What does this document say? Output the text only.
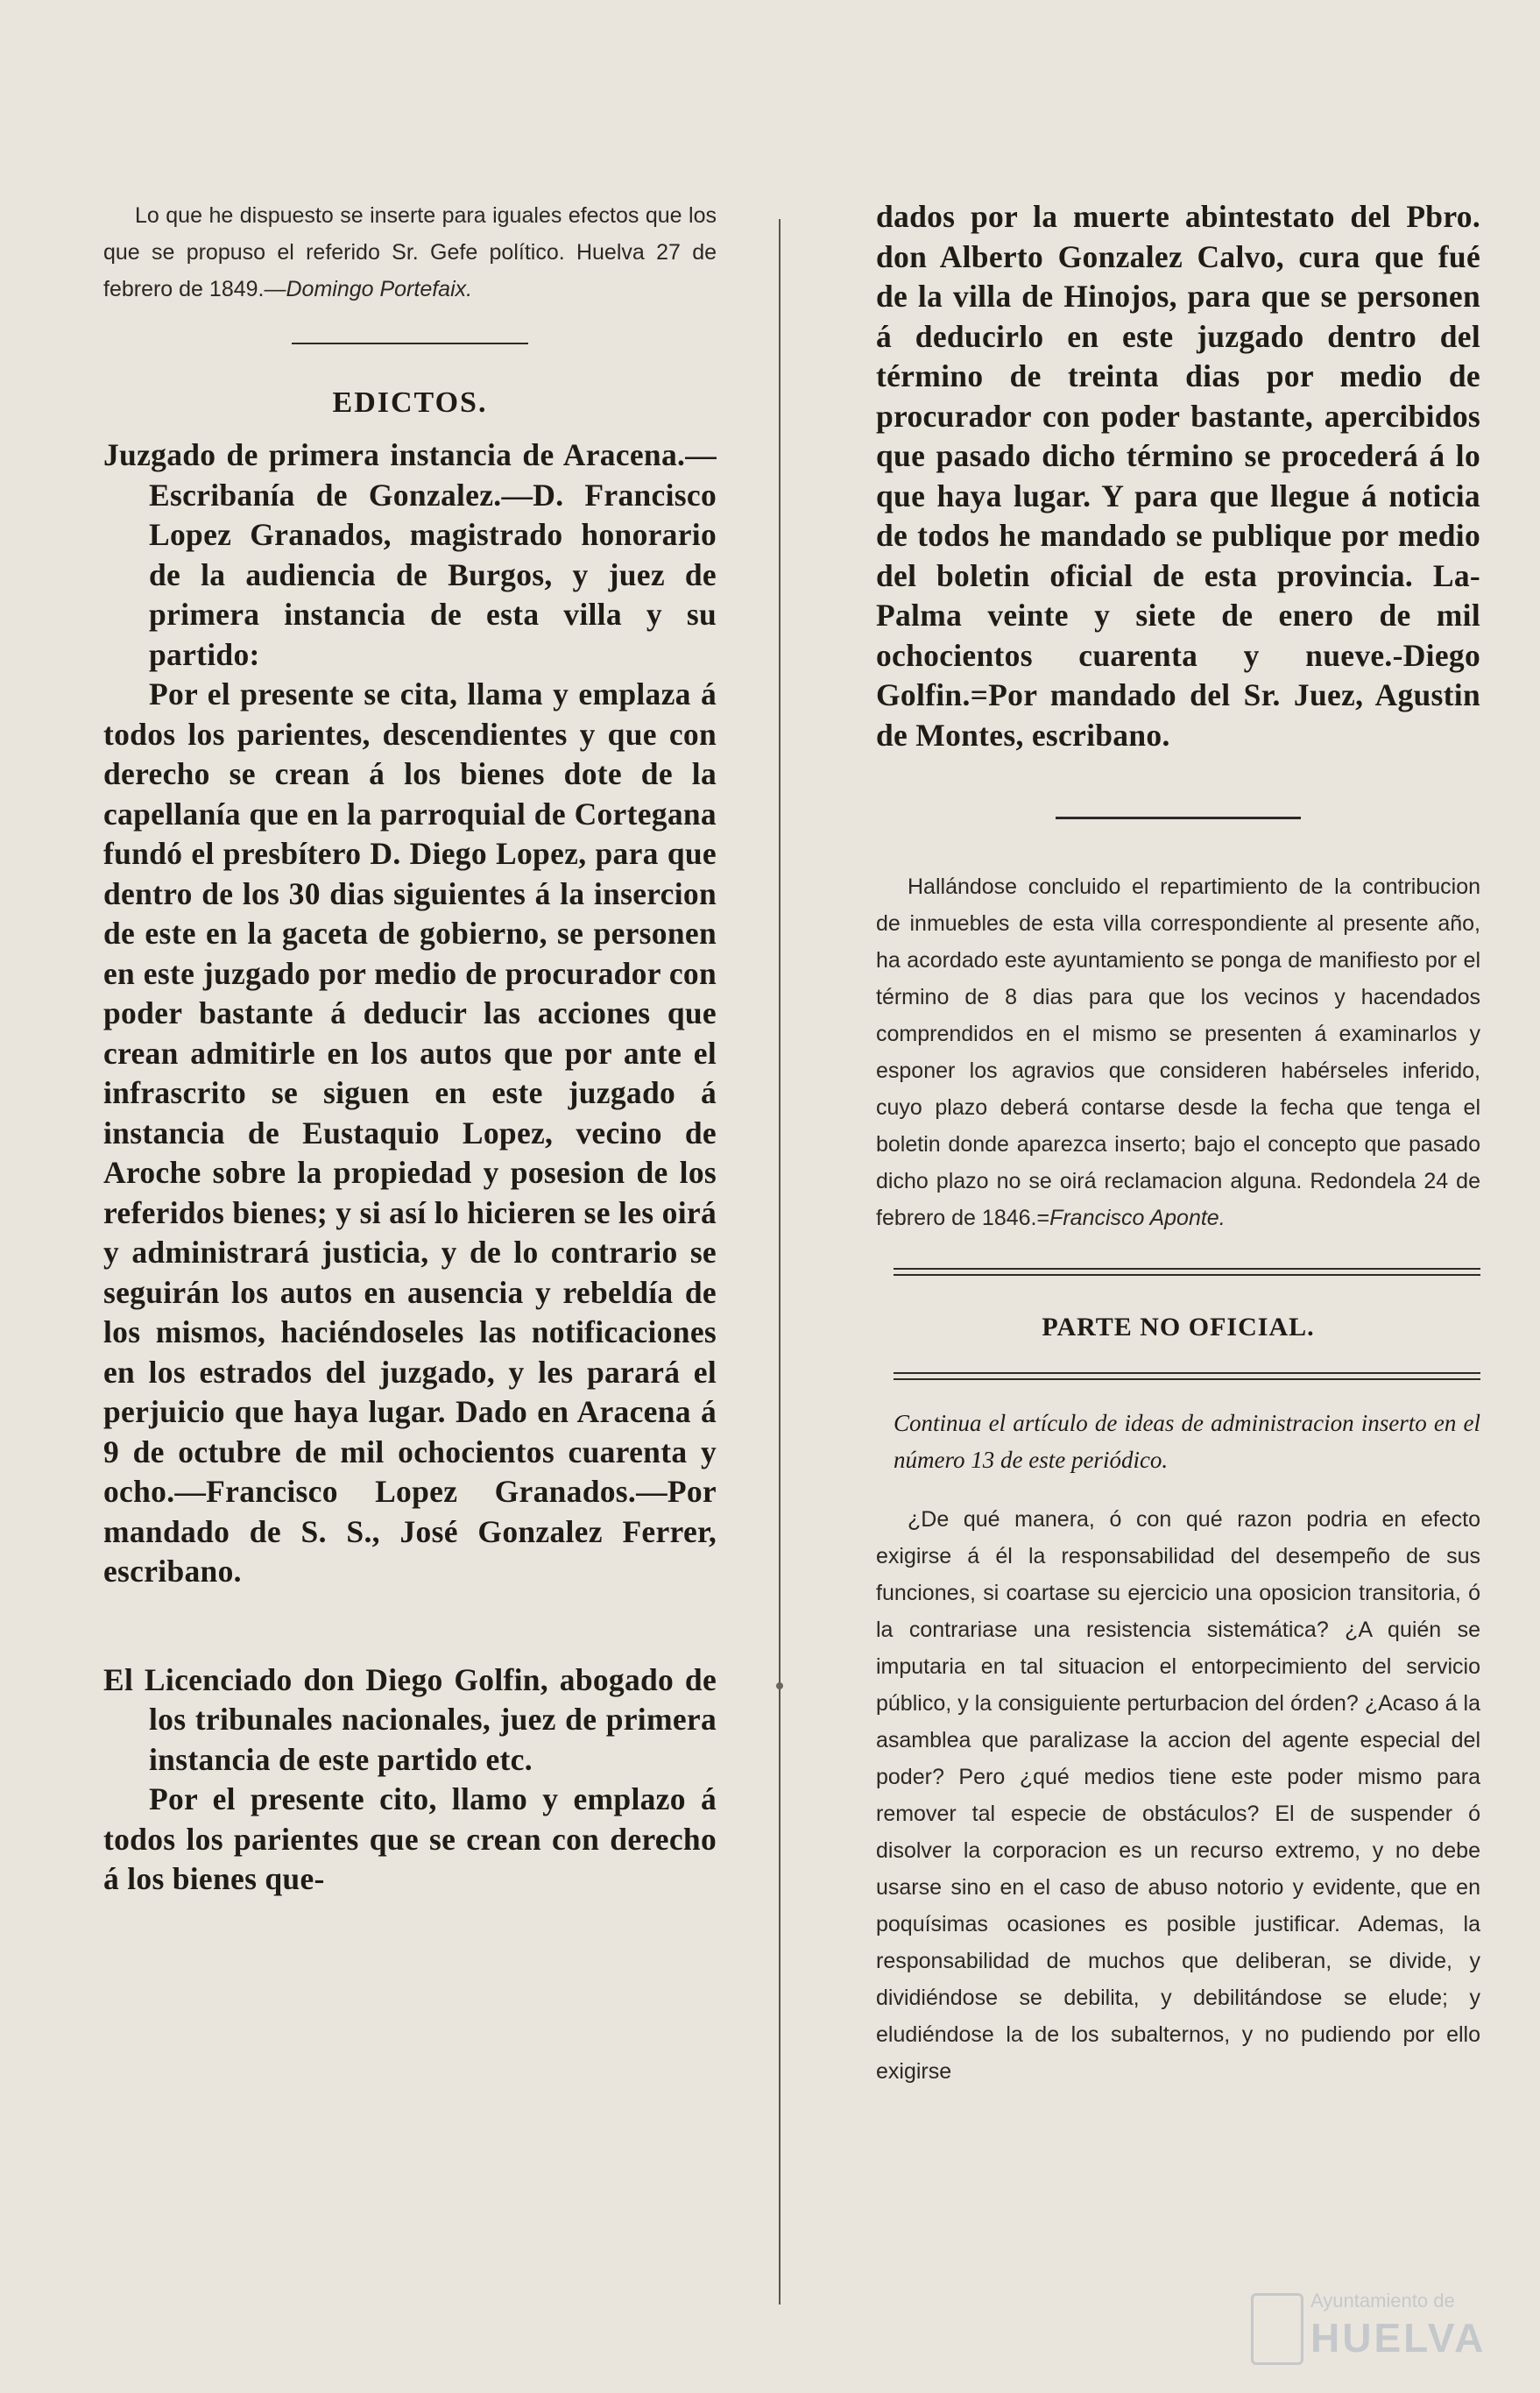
Lo que he dispuesto se inserte para iguales efectos que los que se propuso el referido Sr. Gefe político. Huelva 27 de febrero de 1849.—Domingo Portefaix.

EDICTOS.

Juzgado de primera instancia de Aracena.—Escribanía de Gonzalez.—D. Francisco Lopez Granados, magistrado honorario de la audiencia de Burgos, y juez de primera instancia de esta villa y su partido:

Por el presente se cita, llama y emplaza á todos los parientes, descendientes y que con derecho se crean á los bienes dote de la capellanía que en la parroquial de Cortegana fundó el presbítero D. Diego Lopez, para que dentro de los 30 dias siguientes á la insercion de este en la gaceta de gobierno, se personen en este juzgado por medio de procurador con poder bastante á deducir las acciones que crean admitirle en los autos que por ante el infrascrito se siguen en este juzgado á instancia de Eustaquio Lopez, vecino de Aroche sobre la propiedad y posesion de los referidos bienes; y si así lo hicieren se les oirá y administrará justicia, y de lo contrario se seguirán los autos en ausencia y rebeldía de los mismos, haciéndoseles las notificaciones en los estrados del juzgado, y les parará el perjuicio que haya lugar. Dado en Aracena á 9 de octubre de mil ochocientos cuarenta y ocho.—Francisco Lopez Granados.—Por mandado de S. S., José Gonzalez Ferrer, escribano.

El Licenciado don Diego Golfin, abogado de los tribunales nacionales, juez de primera instancia de este partido etc.

Por el presente cito, llamo y emplazo á todos los parientes que se crean con derecho á los bienes que-

dados por la muerte abintestato del Pbro. don Alberto Gonzalez Calvo, cura que fué de la villa de Hinojos, para que se personen á deducirlo en este juzgado dentro del término de treinta dias por medio de procurador con poder bastante, apercibidos que pasado dicho término se procederá á lo que haya lugar. Y para que llegue á noticia de todos he mandado se publique por medio del boletin oficial de esta provincia. La-Palma veinte y siete de enero de mil ochocientos cuarenta y nueve.-Diego Golfin.=Por mandado del Sr. Juez, Agustin de Montes, escribano.

Hallándose concluido el repartimiento de la contribucion de inmuebles de esta villa correspondiente al presente año, ha acordado este ayuntamiento se ponga de manifiesto por el término de 8 dias para que los vecinos y hacendados comprendidos en el mismo se presenten á examinarlos y esponer los agravios que consideren habérseles inferido, cuyo plazo deberá contarse desde la fecha que tenga el boletin donde aparezca inserto; bajo el concepto que pasado dicho plazo no se oirá reclamacion alguna. Redondela 24 de febrero de 1846.=Francisco Aponte.

PARTE NO OFICIAL.

Continua el artículo de ideas de administracion inserto en el número 13 de este periódico.

¿De qué manera, ó con qué razon podria en efecto exigirse á él la responsabilidad del desempeño de sus funciones, si coartase su ejercicio una oposicion transitoria, ó la contrariase una resistencia sistemática? ¿A quién se imputaria en tal situacion el entorpecimiento del servicio público, y la consiguiente perturbacion del órden? ¿Acaso á la asamblea que paralizase la accion del agente especial del poder? Pero ¿qué medios tiene este poder mismo para remover tal especie de obstáculos? El de suspender ó disolver la corporacion es un recurso extremo, y no debe usarse sino en el caso de abuso notorio y evidente, que en poquísimas ocasiones es posible justificar. Ademas, la responsabilidad de muchos que deliberan, se divide, y dividiéndose se debilita, y debilitándose se elude; y eludiéndose la de los subalternos, y no pudiendo por ello exigirse

Ayuntamiento de
HUELVA
